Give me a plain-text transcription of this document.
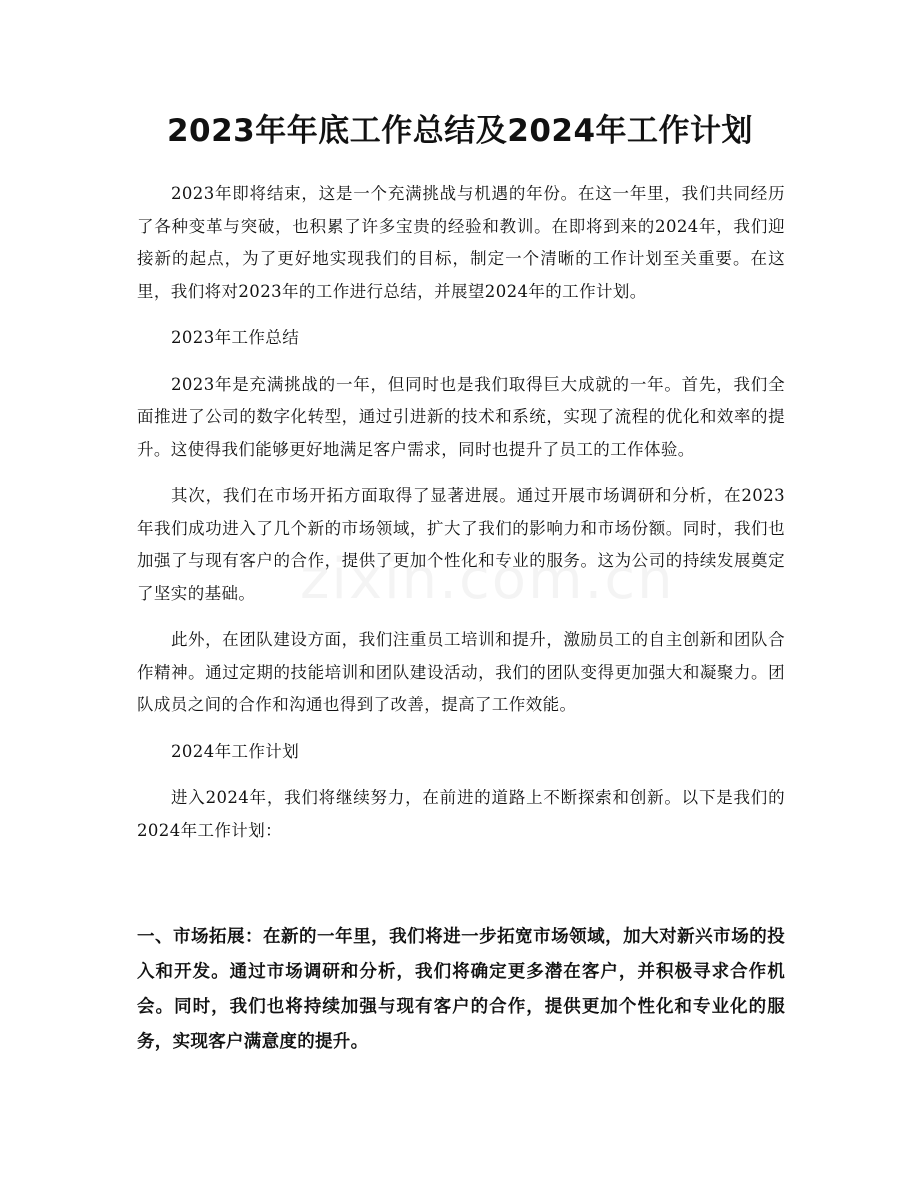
2023年年底工作总结及2024年工作计划

2023年即将结束，这是一个充满挑战与机遇的年份。在这一年里，我们共同经历了各种变革与突破，也积累了许多宝贵的经验和教训。在即将到来的2024年，我们迎接新的起点，为了更好地实现我们的目标，制定一个清晰的工作计划至关重要。在这里，我们将对2023年的工作进行总结，并展望2024年的工作计划。

2023年工作总结

2023年是充满挑战的一年，但同时也是我们取得巨大成就的一年。首先，我们全面推进了公司的数字化转型，通过引进新的技术和系统，实现了流程的优化和效率的提升。这使得我们能够更好地满足客户需求，同时也提升了员工的工作体验。

其次，我们在市场开拓方面取得了显著进展。通过开展市场调研和分析，在2023年我们成功进入了几个新的市场领域，扩大了我们的影响力和市场份额。同时，我们也加强了与现有客户的合作，提供了更加个性化和专业的服务。这为公司的持续发展奠定了坚实的基础。

此外，在团队建设方面，我们注重员工培训和提升，激励员工的自主创新和团队合作精神。通过定期的技能培训和团队建设活动，我们的团队变得更加强大和凝聚力。团队成员之间的合作和沟通也得到了改善，提高了工作效能。

2024年工作计划

进入2024年，我们将继续努力，在前进的道路上不断探索和创新。以下是我们的2024年工作计划：

一、市场拓展：在新的一年里，我们将进一步拓宽市场领域，加大对新兴市场的投入和开发。通过市场调研和分析，我们将确定更多潜在客户，并积极寻求合作机会。同时，我们也将持续加强与现有客户的合作，提供更加个性化和专业化的服务，实现客户满意度的提升。
